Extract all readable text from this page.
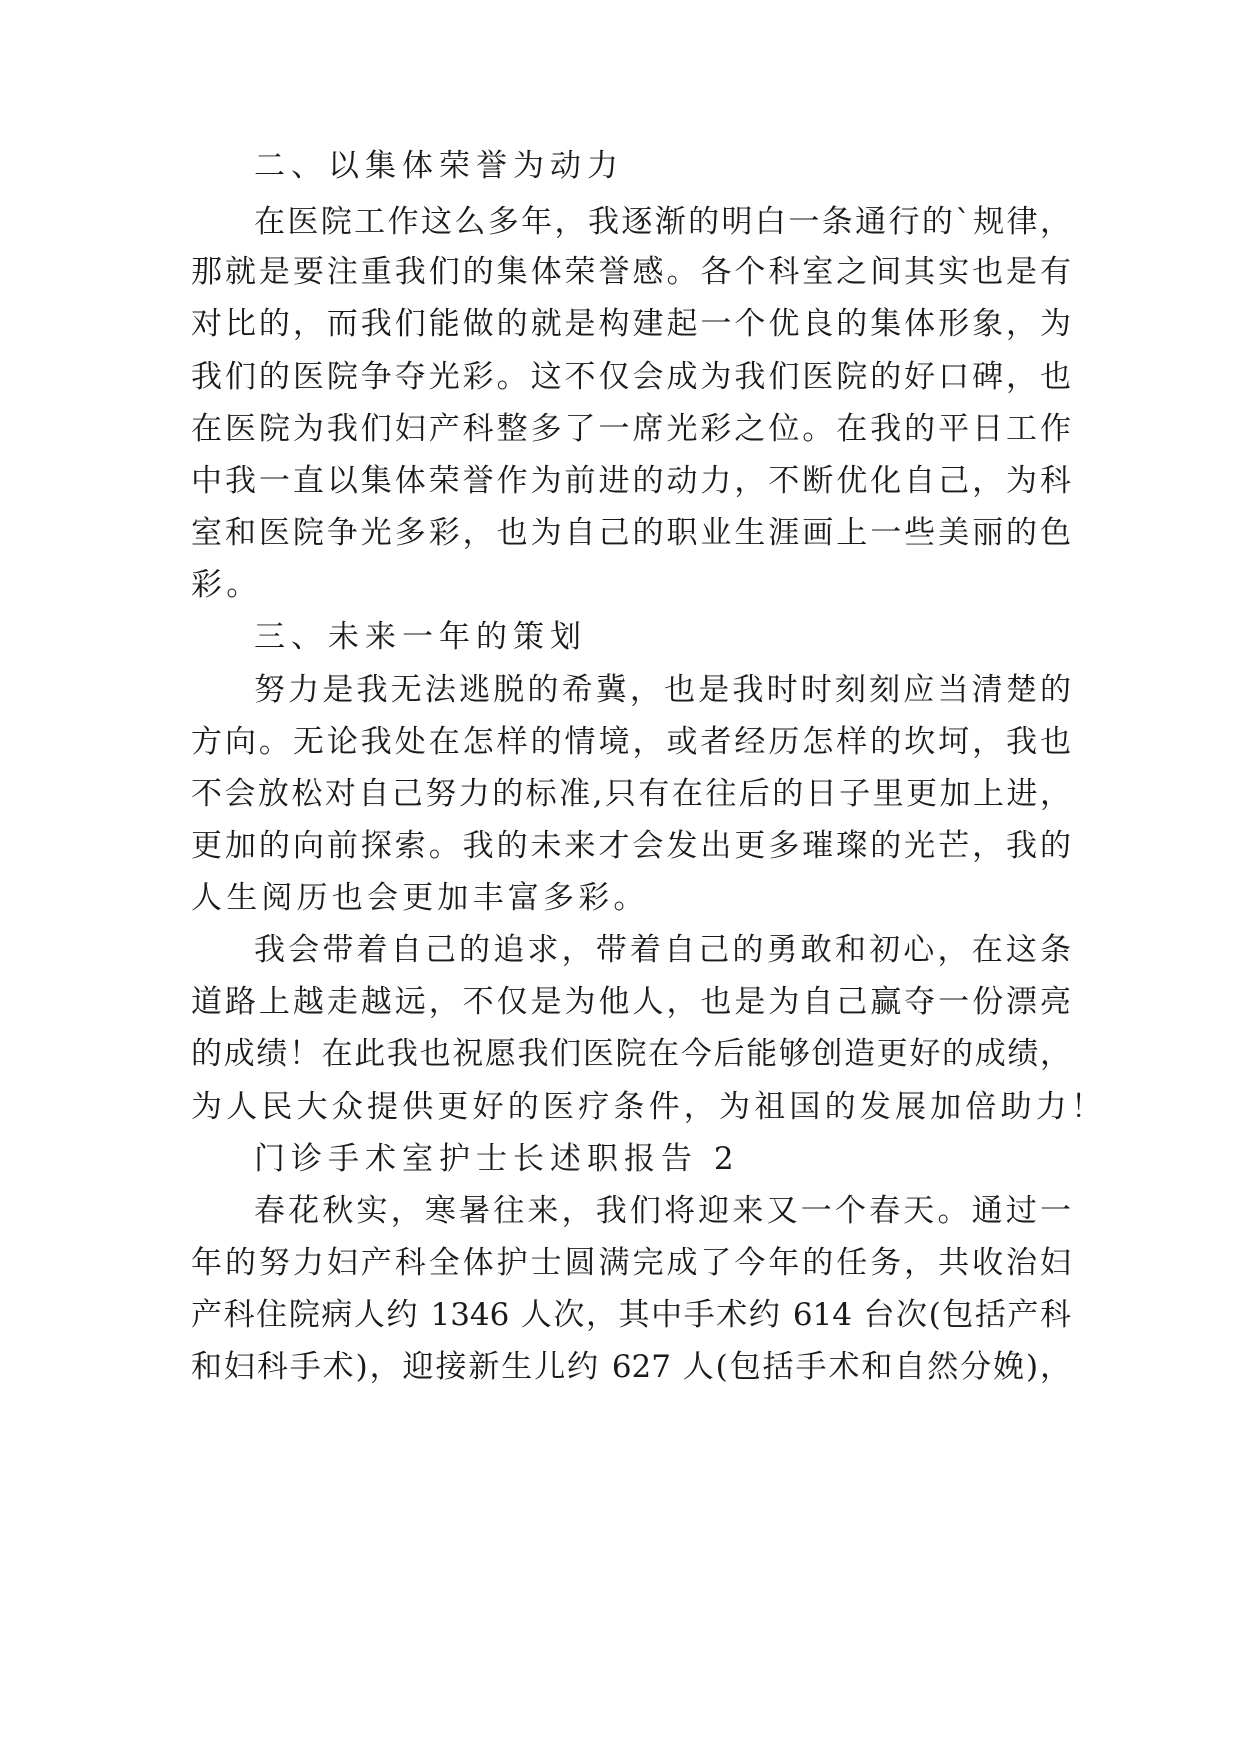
二、以集体荣誉为动力
在医院工作这么多年，我逐渐的明白一条通行的`规律，
那就是要注重我们的集体荣誉感。各个科室之间其实也是有
对比的，而我们能做的就是构建起一个优良的集体形象，为
我们的医院争夺光彩。这不仅会成为我们医院的好口碑，也
在医院为我们妇产科整多了一席光彩之位。在我的平日工作
中我一直以集体荣誉作为前进的动力，不断优化自己，为科
室和医院争光多彩，也为自己的职业生涯画上一些美丽的色
彩。
三、未来一年的策划
努力是我无法逃脱的希冀，也是我时时刻刻应当清楚的
方向。无论我处在怎样的情境，或者经历怎样的坎坷，我也
不会放松对自己努力的标准,只有在往后的日子里更加上进，
更加的向前探索。我的未来才会发出更多璀璨的光芒，我的
人生阅历也会更加丰富多彩。
我会带着自己的追求，带着自己的勇敢和初心，在这条
道路上越走越远，不仅是为他人，也是为自己赢夺一份漂亮
的成绩！在此我也祝愿我们医院在今后能够创造更好的成绩，
为人民大众提供更好的医疗条件，为祖国的发展加倍助力！
门诊手术室护士长述职报告 2
春花秋实，寒暑往来，我们将迎来又一个春天。通过一
年的努力妇产科全体护士圆满完成了今年的任务，共收治妇
产科住院病人约 1346 人次，其中手术约 614 台次(包括产科
和妇科手术)，迎接新生儿约 627 人(包括手术和自然分娩)，
